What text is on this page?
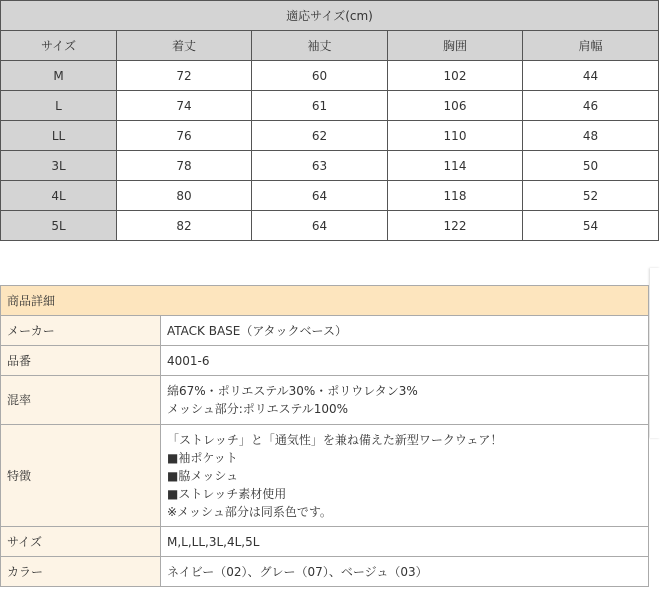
適応サイズ(cm)				
サイズ	着丈	袖丈	胸囲	肩幅
M	72	60	102	44
L	74	61	106	46
LL	76	62	110	48
3L	78	63	114	50
4L	80	64	118	52
5L	82	64	122	54
商品詳細	
メーカー	ATACK BASE（アタックベース）

品番	4001-6

混率	綿67%・ポリエステル30%・ポリウレタン3%
メッシュ部分:ポリエステル100%

特徴	「ストレッチ」と「通気性」を兼ね備えた新型ワークウェア！
■袖ポケット
■脇メッシュ
■ストレッチ素材使用
※メッシュ部分は同系色です。

サイズ	M,L,LL,3L,4L,5L

カラー	ネイビー（02）、グレー（07）、ベージュ（03）
